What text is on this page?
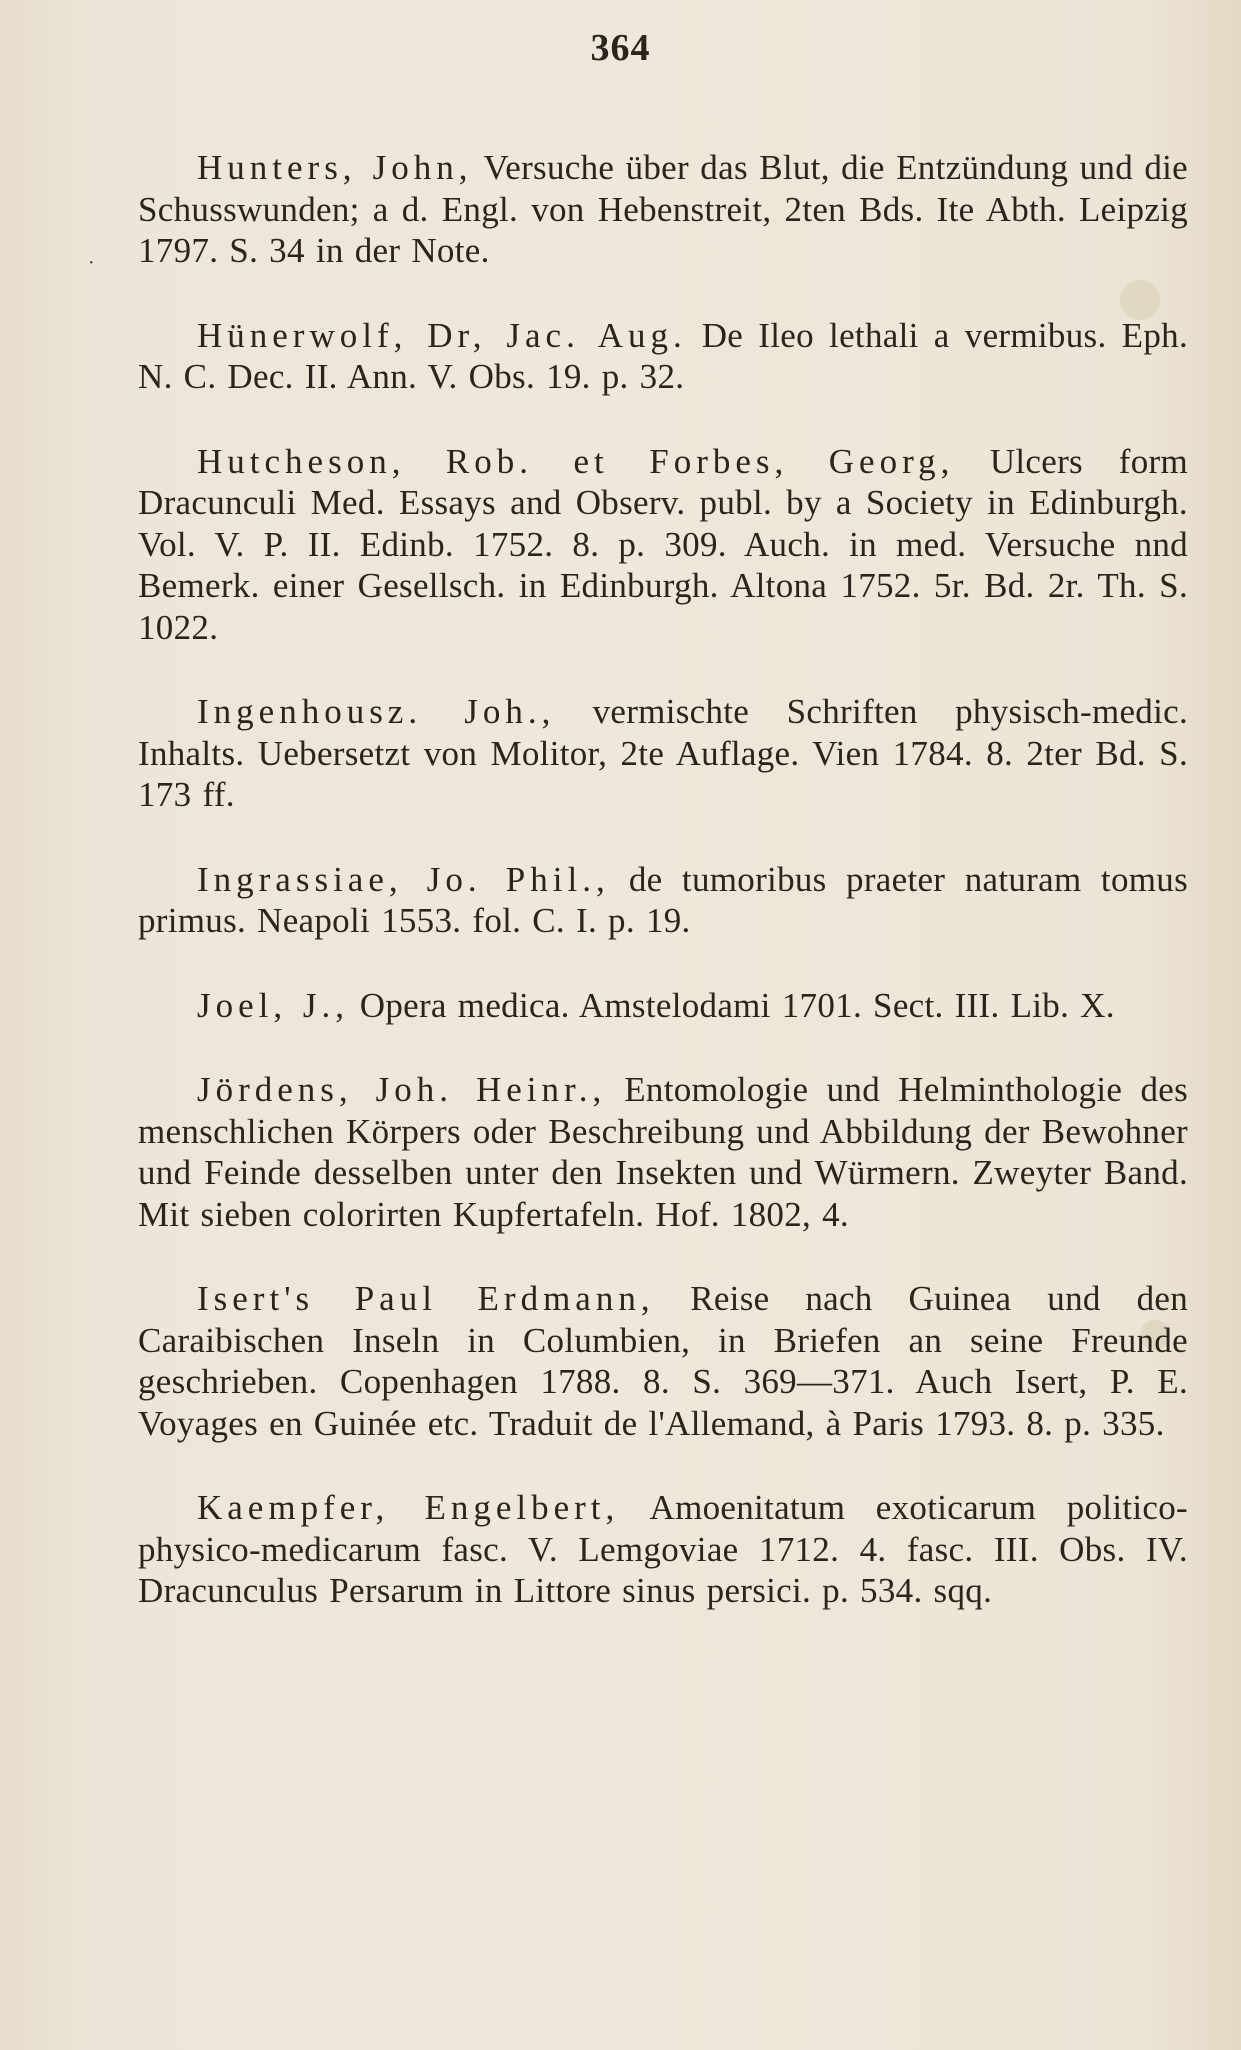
364
·

Hunters, John, Versuche über das Blut, die Entzündung und die Schusswunden; a d. Engl. von Hebenstreit, 2ten Bds. Ite Abth. Leipzig 1797. S. 34 in der Note.

Hünerwolf, Dr, Jac. Aug. De Ileo lethali a vermibus. Eph. N. C. Dec. II. Ann. V. Obs. 19. p. 32.

Hutcheson, Rob. et Forbes, Georg, Ulcers form Dracunculi Med. Essays and Observ. publ. by a Society in Edinburgh. Vol. V. P. II. Edinb. 1752. 8. p. 309. Auch. in med. Versuche nnd Bemerk. einer Gesellsch. in Edinburgh. Altona 1752. 5r. Bd. 2r. Th. S. 1022.

Ingenhousz. Joh., vermischte Schriften physisch-medic. Inhalts. Uebersetzt von Molitor, 2te Auflage. Vien 1784. 8. 2ter Bd. S. 173 ff.

Ingrassiae, Jo. Phil., de tumoribus praeter naturam tomus primus. Neapoli 1553. fol. C. I. p. 19.

Joel, J., Opera medica. Amstelodami 1701. Sect. III. Lib. X.

Jördens, Joh. Heinr., Entomologie und Helminthologie des menschlichen Körpers oder Beschreibung und Abbildung der Bewohner und Feinde desselben unter den Insekten und Würmern. Zweyter Band. Mit sieben colorirten Kupfertafeln. Hof. 1802, 4.

Isert's Paul Erdmann, Reise nach Guinea und den Caraibischen Inseln in Columbien, in Briefen an seine Freunde geschrieben. Copenhagen 1788. 8. S. 369—371. Auch Isert, P. E. Voyages en Guinée etc. Traduit de l'Allemand, à Paris 1793. 8. p. 335.

Kaempfer, Engelbert, Amoenitatum exoticarum politico-physico-medicarum fasc. V. Lemgoviae 1712. 4. fasc. III. Obs. IV. Dracunculus Persarum in Littore sinus persici. p. 534. sqq.
